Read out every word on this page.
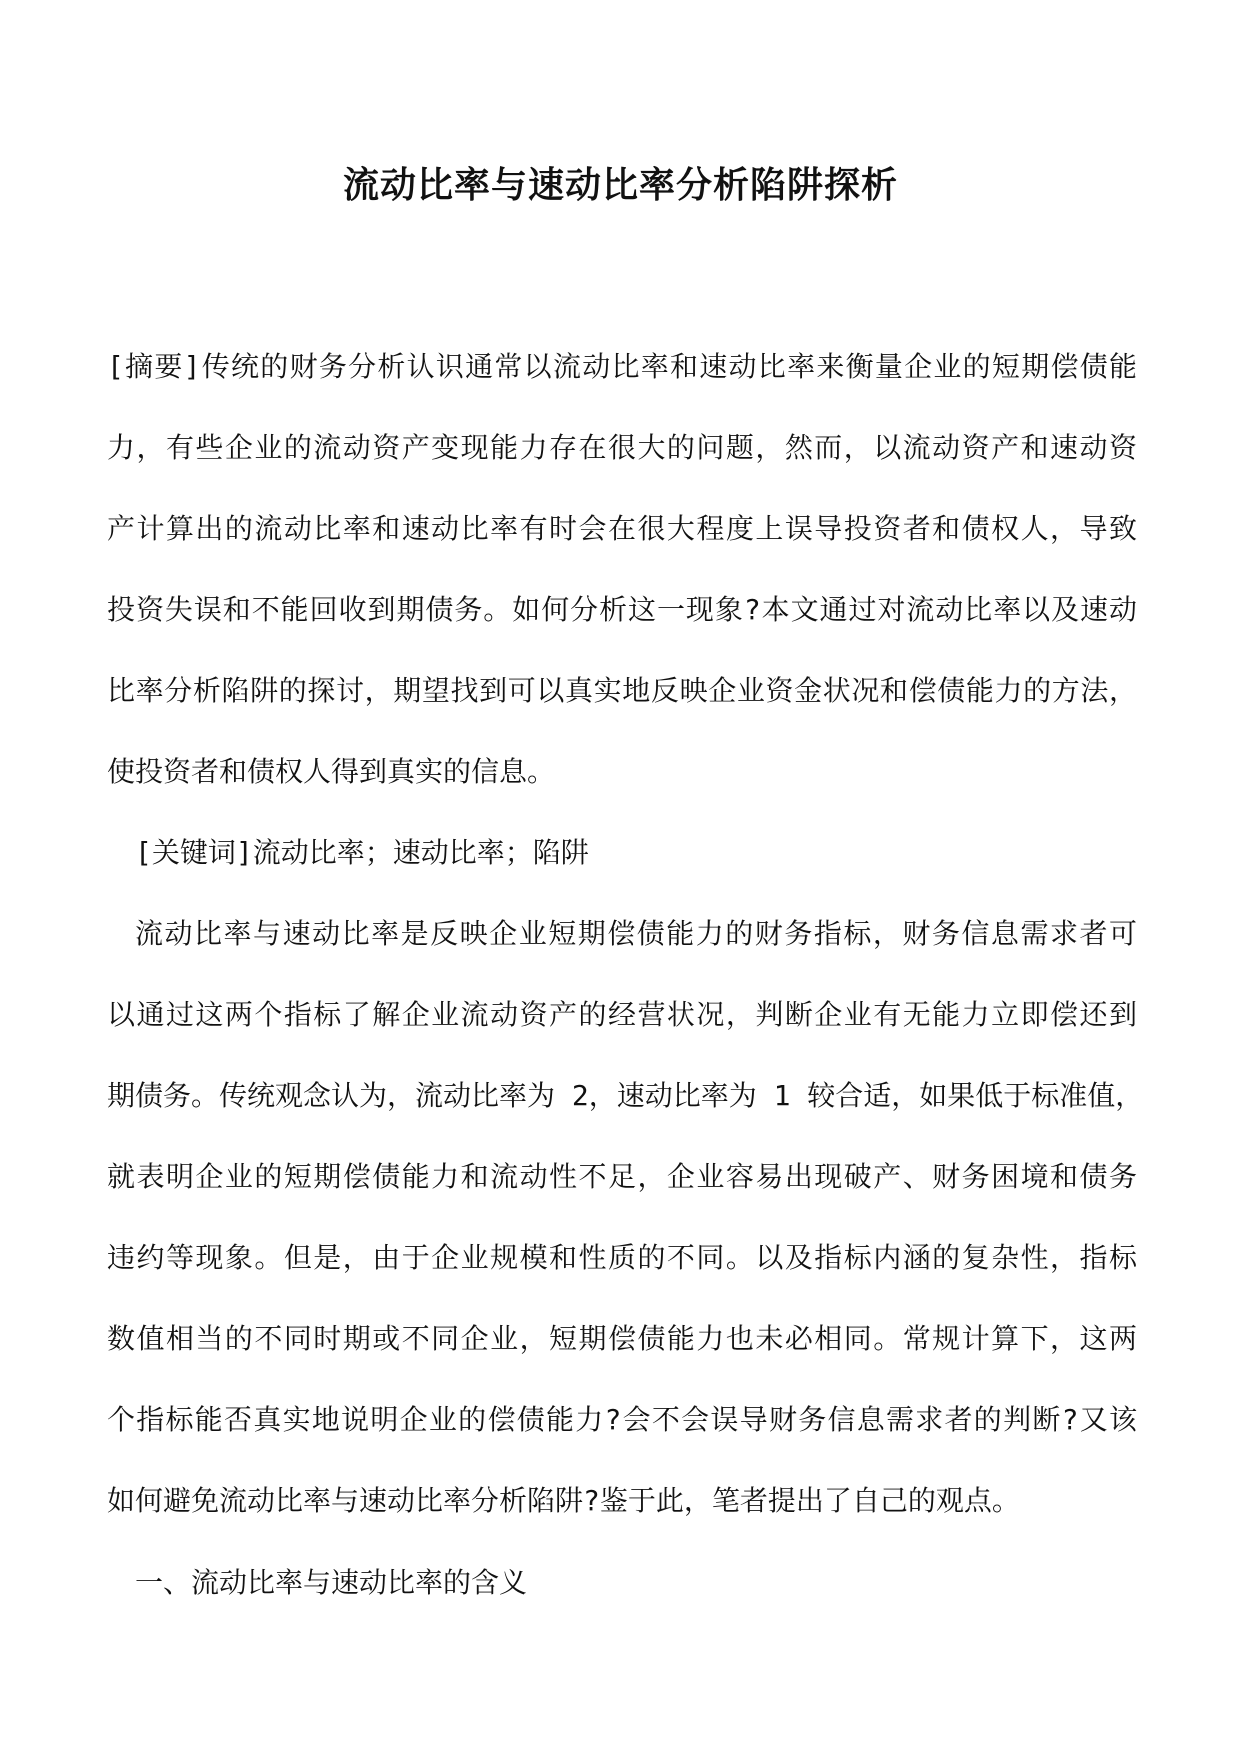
流动比率与速动比率分析陷阱探析
[摘要]传统的财务分析认识通常以流动比率和速动比率来衡量企业的短期偿债能
力，有些企业的流动资产变现能力存在很大的问题，然而，以流动资产和速动资
产计算出的流动比率和速动比率有时会在很大程度上误导投资者和债权人，导致
投资失误和不能回收到期债务。如何分析这一现象?本文通过对流动比率以及速动
比率分析陷阱的探讨，期望找到可以真实地反映企业资金状况和偿债能力的方法，
使投资者和债权人得到真实的信息。
[关键词]流动比率；速动比率；陷阱
流动比率与速动比率是反映企业短期偿债能力的财务指标，财务信息需求者可
以通过这两个指标了解企业流动资产的经营状况，判断企业有无能力立即偿还到
期债务。传统观念认为，流动比率为 2，速动比率为 1 较合适，如果低于标准值，
就表明企业的短期偿债能力和流动性不足，企业容易出现破产、财务困境和债务
违约等现象。但是，由于企业规模和性质的不同。以及指标内涵的复杂性，指标
数值相当的不同时期或不同企业，短期偿债能力也未必相同。常规计算下，这两
个指标能否真实地说明企业的偿债能力?会不会误导财务信息需求者的判断?又该
如何避免流动比率与速动比率分析陷阱?鉴于此，笔者提出了自己的观点。
一、流动比率与速动比率的含义
